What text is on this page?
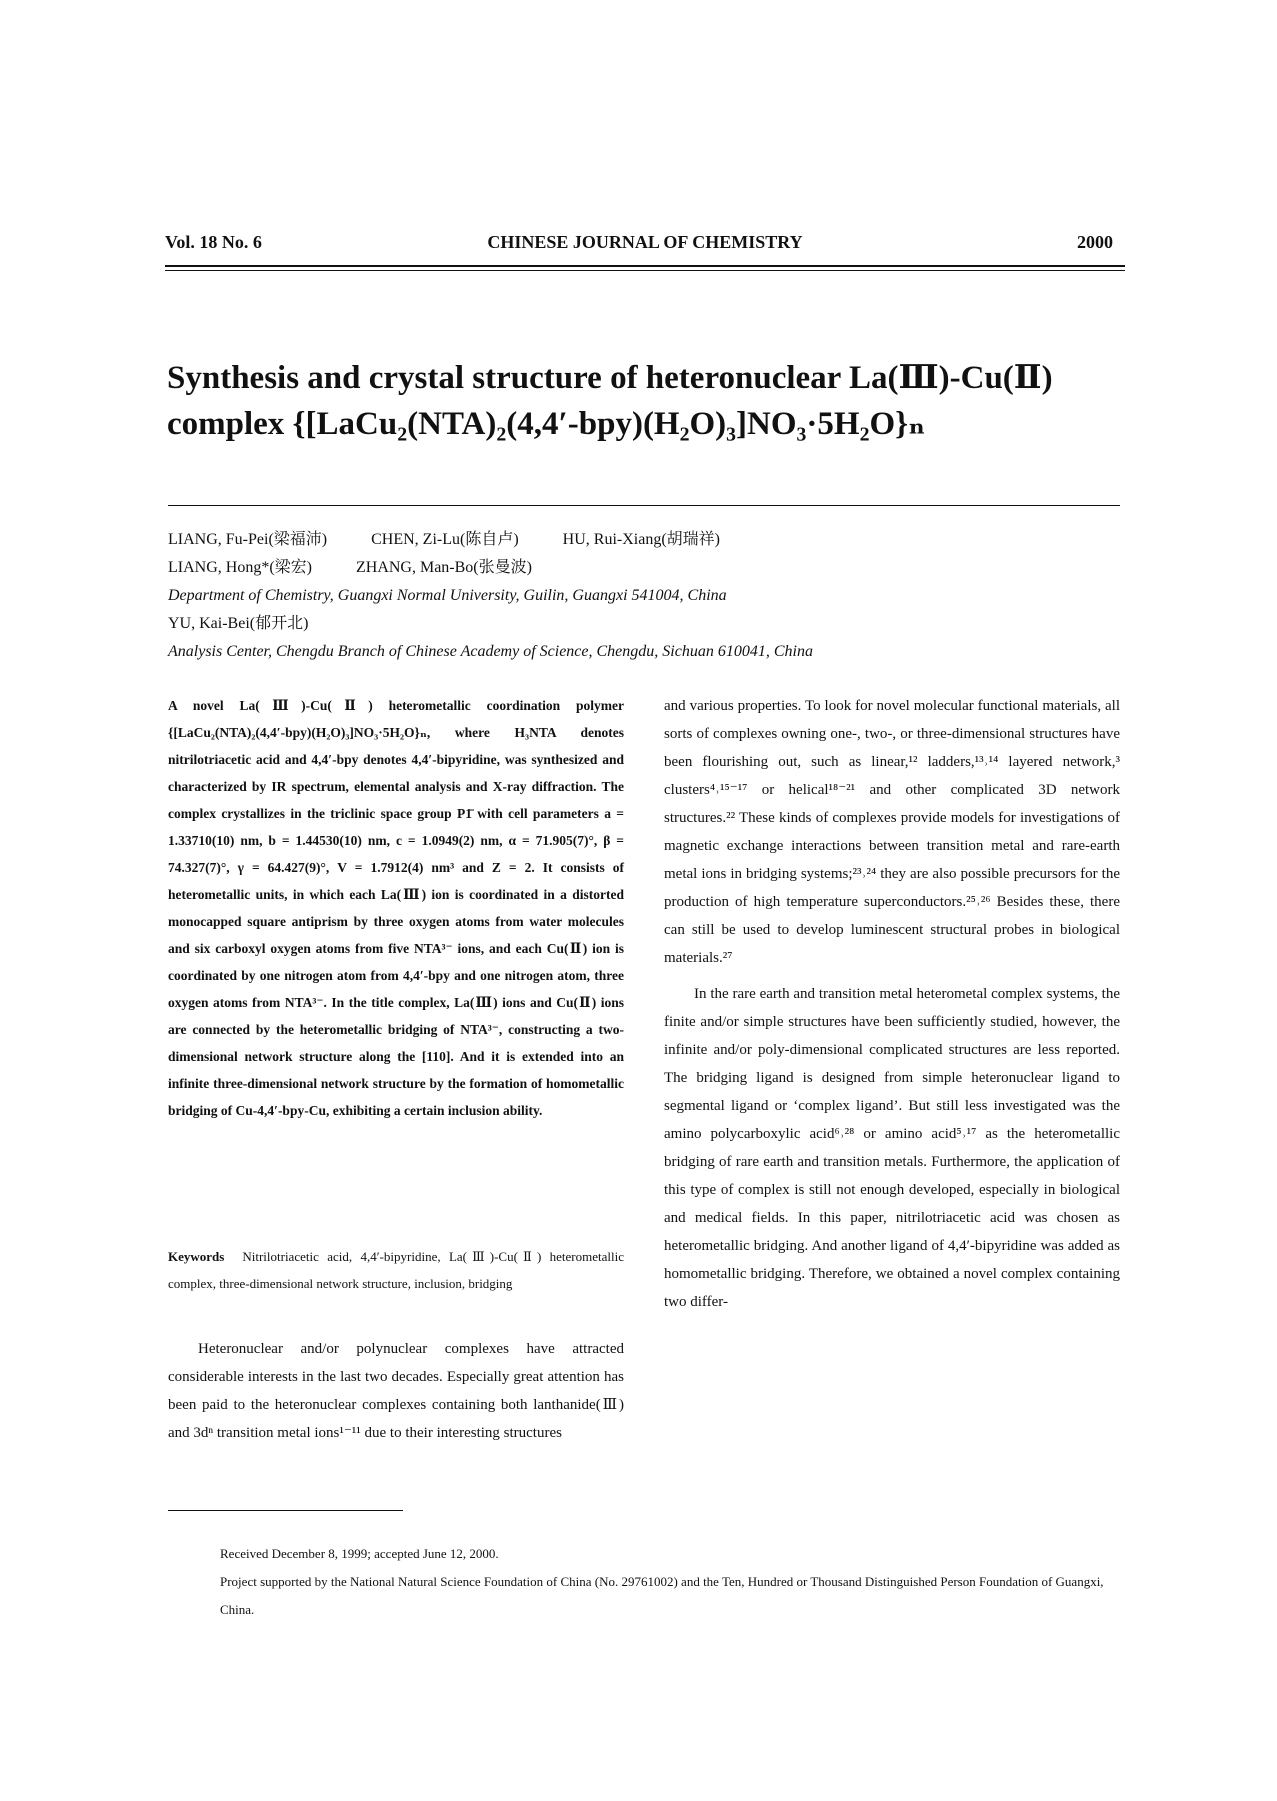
Vol. 18 No. 6	CHINESE JOURNAL OF CHEMISTRY	2000
Synthesis and crystal structure of heteronuclear La(Ⅲ)-Cu(Ⅱ)
complex {[LaCu₂(NTA)₂(4,4′-bpy)(H₂O)₃]NO₃·5H₂O}ₙ
LIANG, Fu-Pei(梁福沛)	CHEN, Zi-Lu(陈自卢)	HU, Rui-Xiang(胡瑞祥)
LIANG, Hong*(梁宏)	ZHANG, Man-Bo(张曼波)
Department of Chemistry, Guangxi Normal University, Guilin, Guangxi 541004, China
YU, Kai-Bei(郁开北)
Analysis Center, Chengdu Branch of Chinese Academy of Science, Chengdu, Sichuan 610041, China
A novel La(Ⅲ)-Cu(Ⅱ) heterometallic coordination polymer {[LaCu₂(NTA)₂(4,4′-bpy)(H₂O)₃]NO₃·5H₂O}ₙ, where H₃NTA denotes nitrilotriacetic acid and 4,4′-bpy denotes 4,4′-bipyridine, was synthesized and characterized by IR spectrum, elemental analysis and X-ray diffraction. The complex crystallizes in the triclinic space group P1̄ with cell parameters a = 1.33710(10) nm, b = 1.44530(10) nm, c = 1.0949(2) nm, α = 71.905(7)°, β = 74.327(7)°, γ = 64.427(9)°, V = 1.7912(4) nm³ and Z = 2. It consists of heterometallic units, in which each La(Ⅲ) ion is coordinated in a distorted monocapped square antiprism by three oxygen atoms from water molecules and six carboxyl oxygen atoms from five NTA³⁻ ions, and each Cu(Ⅱ) ion is coordinated by one nitrogen atom from 4,4′-bpy and one nitrogen atom, three oxygen atoms from NTA³⁻. In the title complex, La(Ⅲ) ions and Cu(Ⅱ) ions are connected by the heterometallic bridging of NTA³⁻, constructing a two-dimensional network structure along the [110]. And it is extended into an infinite three-dimensional network structure by the formation of homometallic bridging of Cu-4,4′-bpy-Cu, exhibiting a certain inclusion ability.
Keywords Nitrilotriacetic acid, 4,4′-bipyridine, La(Ⅲ)-Cu(Ⅱ) heterometallic complex, three-dimensional network structure, inclusion, bridging

Heteronuclear and/or polynuclear complexes have attracted considerable interests in the last two decades. Especially great attention has been paid to the heteronuclear complexes containing both lanthanide(Ⅲ) and 3dⁿ transition metal ions¹⁻¹¹ due to their interesting structures

and various properties. To look for novel molecular functional materials, all sorts of complexes owning one-, two-, or three-dimensional structures have been flourishing out, such as linear,¹² ladders,¹³˒¹⁴ layered network,³ clusters⁴˒¹⁵⁻¹⁷ or helical¹⁸⁻²¹ and other complicated 3D network structures.²² These kinds of complexes provide models for investigations of magnetic exchange interactions between transition metal and rare-earth metal ions in bridging systems;²³˒²⁴ they are also possible precursors for the production of high temperature superconductors.²⁵˒²⁶ Besides these, there can still be used to develop luminescent structural probes in biological materials.²⁷

In the rare earth and transition metal heterometal complex systems, the finite and/or simple structures have been sufficiently studied, however, the infinite and/or poly-dimensional complicated structures are less reported. The bridging ligand is designed from simple heteronuclear ligand to segmental ligand or ‘complex ligand’. But still less investigated was the amino polycarboxylic acid⁶˒²⁸ or amino acid⁵˒¹⁷ as the heterometallic bridging of rare earth and transition metals. Furthermore, the application of this type of complex is still not enough developed, especially in biological and medical fields. In this paper, nitrilotriacetic acid was chosen as heterometallic bridging. And another ligand of 4,4′-bipyridine was added as homometallic bridging. Therefore, we obtained a novel complex containing two differ-

Received December 8, 1999; accepted June 12, 2000.

Project supported by the National Natural Science Foundation of China (No. 29761002) and the Ten, Hundred or Thousand Distinguished Person Foundation of Guangxi, China.
